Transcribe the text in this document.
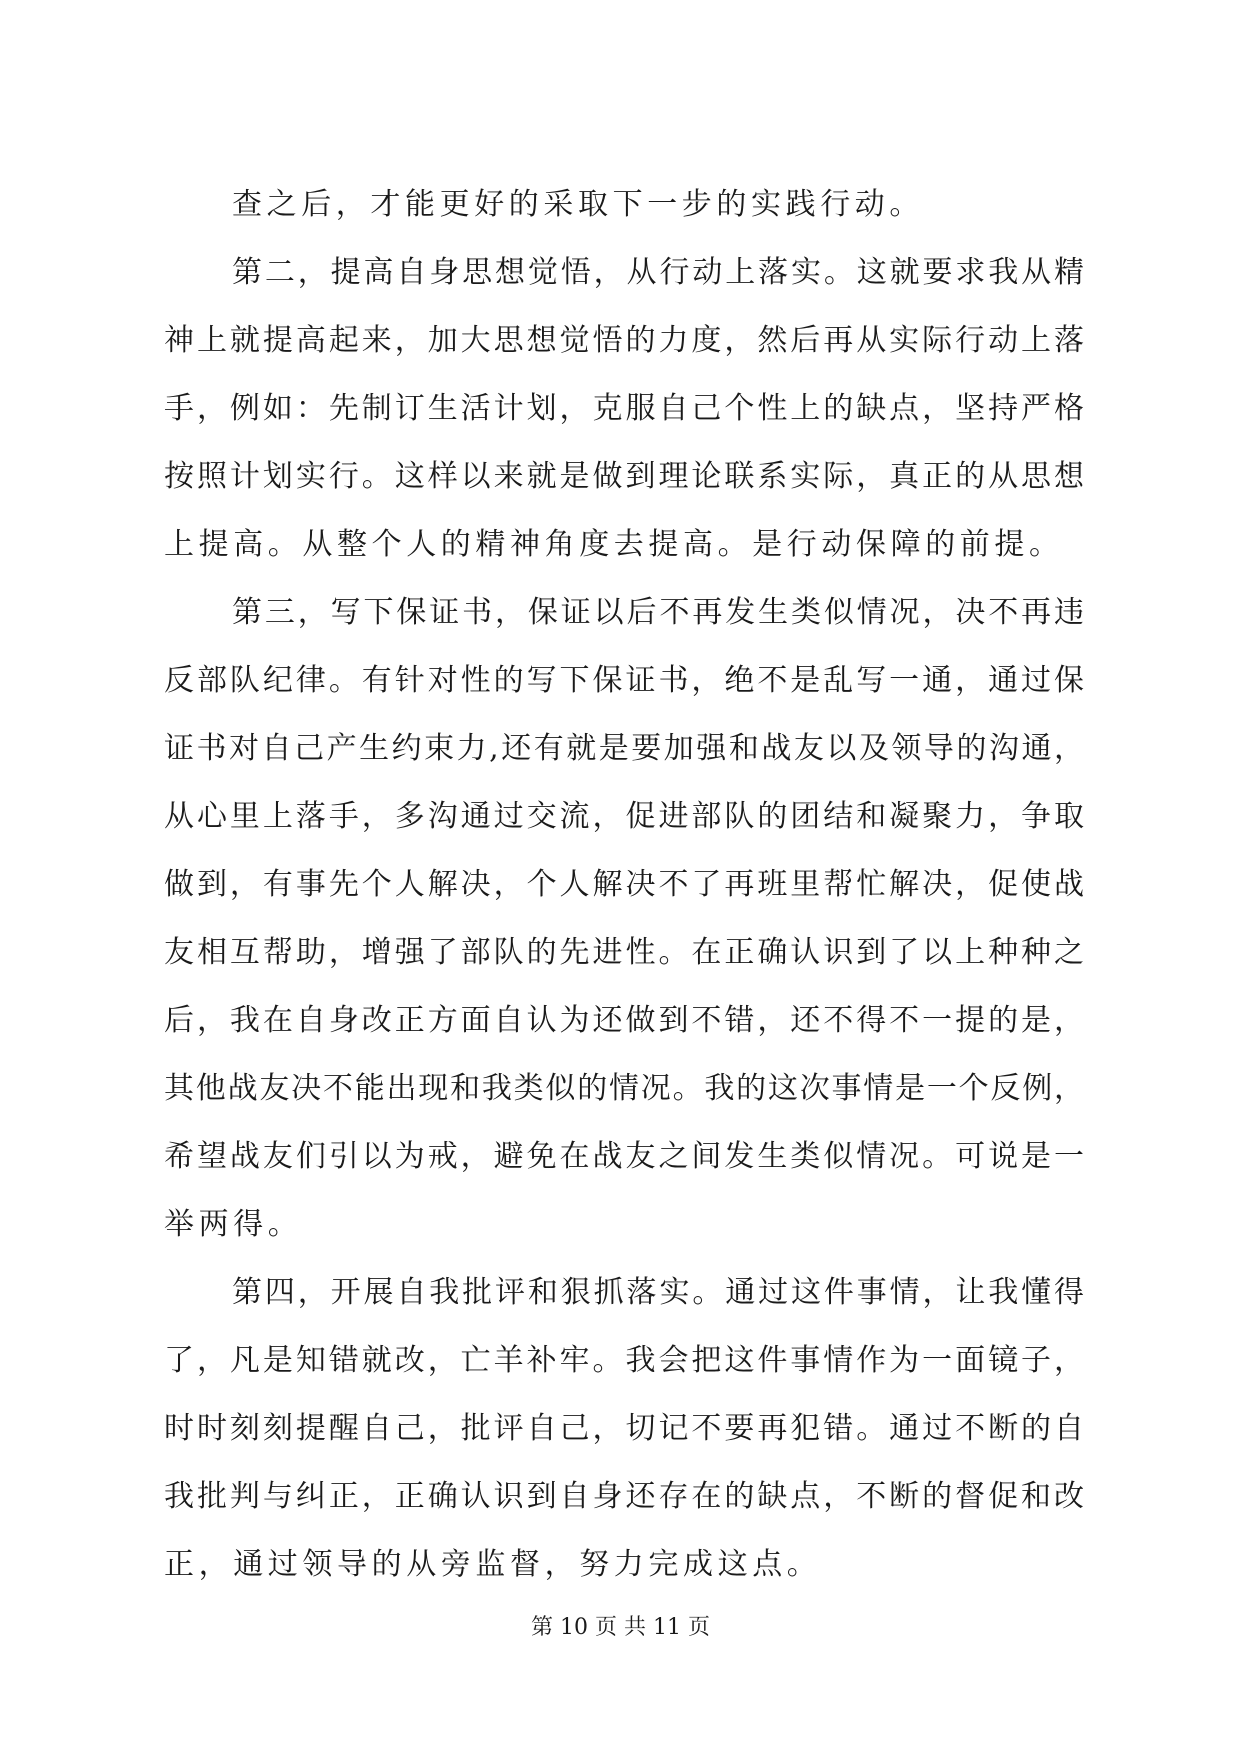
查之后，才能更好的采取下一步的实践行动。
第二，提高自身思想觉悟，从行动上落实。这就要求我从精
神上就提高起来，加大思想觉悟的力度，然后再从实际行动上落
手，例如：先制订生活计划，克服自己个性上的缺点，坚持严格
按照计划实行。这样以来就是做到理论联系实际，真正的从思想
上提高。从整个人的精神角度去提高。是行动保障的前提。
第三，写下保证书，保证以后不再发生类似情况，决不再违
反部队纪律。有针对性的写下保证书，绝不是乱写一通，通过保
证书对自己产生约束力,还有就是要加强和战友以及领导的沟通，
从心里上落手，多沟通过交流，促进部队的团结和凝聚力，争取
做到，有事先个人解决，个人解决不了再班里帮忙解决，促使战
友相互帮助，增强了部队的先进性。在正确认识到了以上种种之
后，我在自身改正方面自认为还做到不错，还不得不一提的是，
其他战友决不能出现和我类似的情况。我的这次事情是一个反例，
希望战友们引以为戒，避免在战友之间发生类似情况。可说是一
举两得。
第四，开展自我批评和狠抓落实。通过这件事情，让我懂得
了，凡是知错就改，亡羊补牢。我会把这件事情作为一面镜子，
时时刻刻提醒自己，批评自己，切记不要再犯错。通过不断的自
我批判与纠正，正确认识到自身还存在的缺点，不断的督促和改
正，通过领导的从旁监督，努力完成这点。
第 10 页 共 11 页
